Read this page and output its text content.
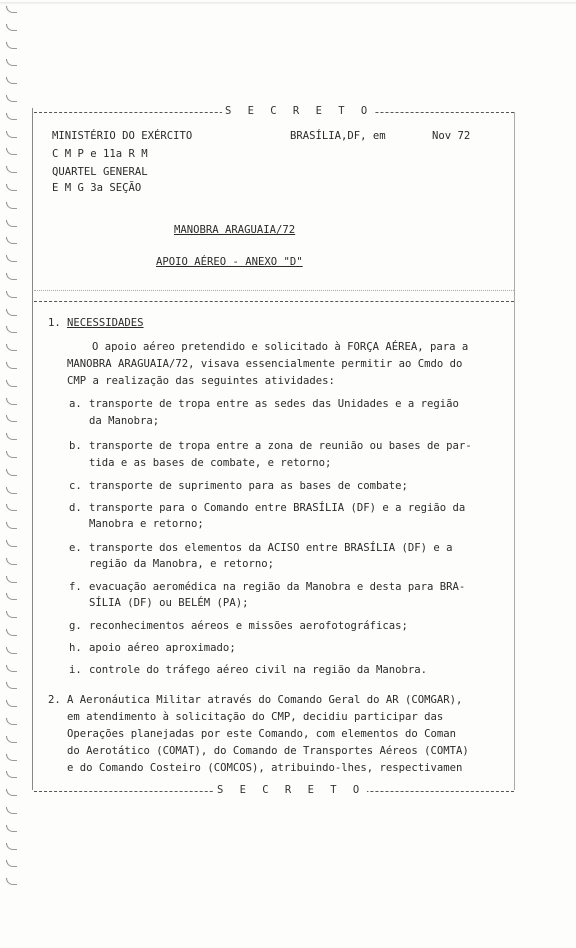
S E C R E T O
MINISTÉRIO DO EXÉRCITO
C M P e 11a R M
QUARTEL GENERAL
E M G 3a SEÇÃO
BRASÍLIA,DF, em	Nov 72
MANOBRA ARAGUAIA/72
APOIO AÉREO - ANEXO "D"
1. NECESSIDADES
O apoio aéreo pretendido e solicitado à FORÇA AÉREA, para a
MANOBRA ARAGUAIA/72, visava essencialmente permitir ao Cmdo do
CMP a realização das seguintes atividades:
a. transporte de tropa entre as sedes das Unidades e a região
da Manobra;
b. transporte de tropa entre a zona de reunião ou bases de par-
tida e as bases de combate, e retorno;
c. transporte de suprimento para as bases de combate;
d. transporte para o Comando entre BRASÍLIA (DF) e a região da
Manobra e retorno;
e. transporte dos elementos da ACISO entre BRASÍLIA (DF) e a
região da Manobra, e retorno;
f. evacuação aeromédica na região da Manobra e desta para BRA-
SÍLIA (DF) ou BELÉM (PA);
g. reconhecimentos aéreos e missões aerofotográficas;
h. apoio aéreo aproximado;
i. controle do tráfego aéreo civil na região da Manobra.
2. A Aeronáutica Militar através do Comando Geral do AR (COMGAR),
em atendimento à solicitação do CMP, decidiu participar das
Operações planejadas por este Comando, com elementos do Coman
do Aerotático (COMAT), do Comando de Transportes Aéreos (COMTA)
e do Comando Costeiro (COMCOS), atribuindo-lhes, respectivamen
S E C R E T O
